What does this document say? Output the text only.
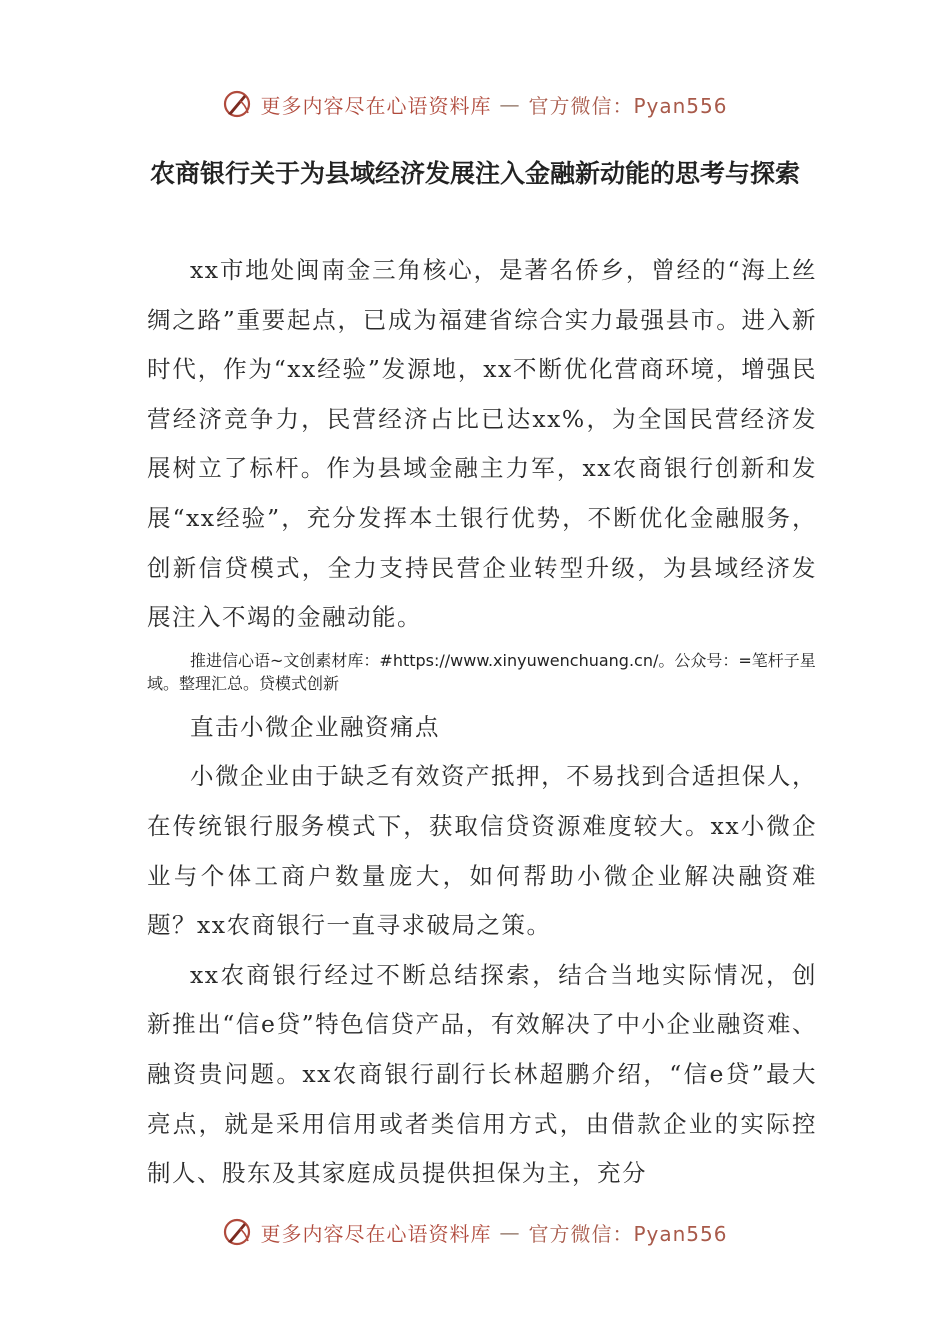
更多内容尽在心语资料库 — 官方微信：Pyan556
农商银行关于为县域经济发展注入金融新动能的思考与探索

xx市地处闽南金三角核心，是著名侨乡，曾经的“海上丝绸之路”重要起点，已成为福建省综合实力最强县市。进入新时代，作为“xx经验”发源地，xx不断优化营商环境，增强民营经济竞争力，民营经济占比已达xx%，为全国民营经济发展树立了标杆。作为县域金融主力军，xx农商银行创新和发展“xx经验”，充分发挥本土银行优势，不断优化金融服务，创新信贷模式，全力支持民营企业转型升级，为县域经济发展注入不竭的金融动能。

推进信心语~文创素材库：#https://www.xinyuwenchuang.cn/。公众号：=笔杆子星域。整理汇总。贷模式创新

直击小微企业融资痛点

小微企业由于缺乏有效资产抵押，不易找到合适担保人，在传统银行服务模式下，获取信贷资源难度较大。xx小微企业与个体工商户数量庞大，如何帮助小微企业解决融资难题？xx农商银行一直寻求破局之策。

xx农商银行经过不断总结探索，结合当地实际情况，创新推出“信e贷”特色信贷产品，有效解决了中小企业融资难、融资贵问题。xx农商银行副行长林超鹏介绍，“信e贷”最大亮点，就是采用信用或者类信用方式，由借款企业的实际控制人、股东及其家庭成员提供担保为主，充分

更多内容尽在心语资料库 — 官方微信：Pyan556
